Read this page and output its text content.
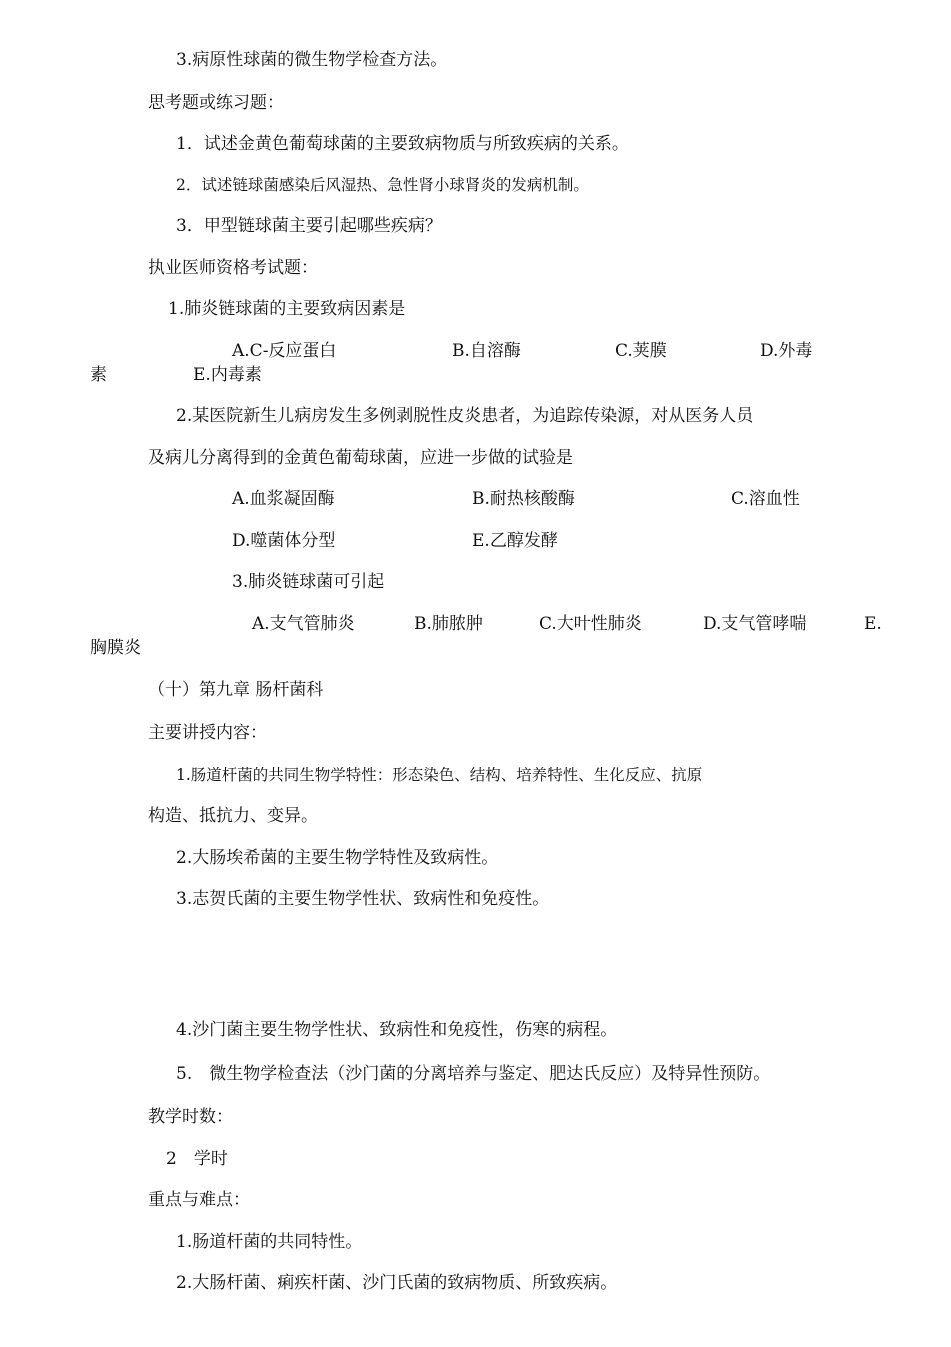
3.病原性球菌的微生物学检查方法。
思考题或练习题：
1．试述金黄色葡萄球菌的主要致病物质与所致疾病的关系。
2．试述链球菌感染后风湿热、急性肾小球肾炎的发病机制。
3．甲型链球菌主要引起哪些疾病？
执业医师资格考试题：
1.肺炎链球菌的主要致病因素是
A.C-反应蛋白	B.自溶酶	C.荚膜	D.外毒
素	E.内毒素
2.某医院新生儿病房发生多例剥脱性皮炎患者，为追踪传染源，对从医务人员
及病儿分离得到的金黄色葡萄球菌，应进一步做的试验是
A.血浆凝固酶	B.耐热核酸酶	C.溶血性
D.噬菌体分型	E.乙醇发酵
3.肺炎链球菌可引起
A.支气管肺炎	B.肺脓肿	C.大叶性肺炎	D.支气管哮喘	E.
胸膜炎
（十）第九章 肠杆菌科
主要讲授内容：
1.肠道杆菌的共同生物学特性：形态染色、结构、培养特性、生化反应、抗原
构造、抵抗力、变异。
2.大肠埃希菌的主要生物学特性及致病性。
3.志贺氏菌的主要生物学性状、致病性和免疫性。
4.沙门菌主要生物学性状、致病性和免疫性，伤寒的病程。
5.　微生物学检查法（沙门菌的分离培养与鉴定、肥达氏反应）及特异性预防。
教学时数：
2　学时
重点与难点：
1.肠道杆菌的共同特性。
2.大肠杆菌、痢疾杆菌、沙门氏菌的致病物质、所致疾病。
